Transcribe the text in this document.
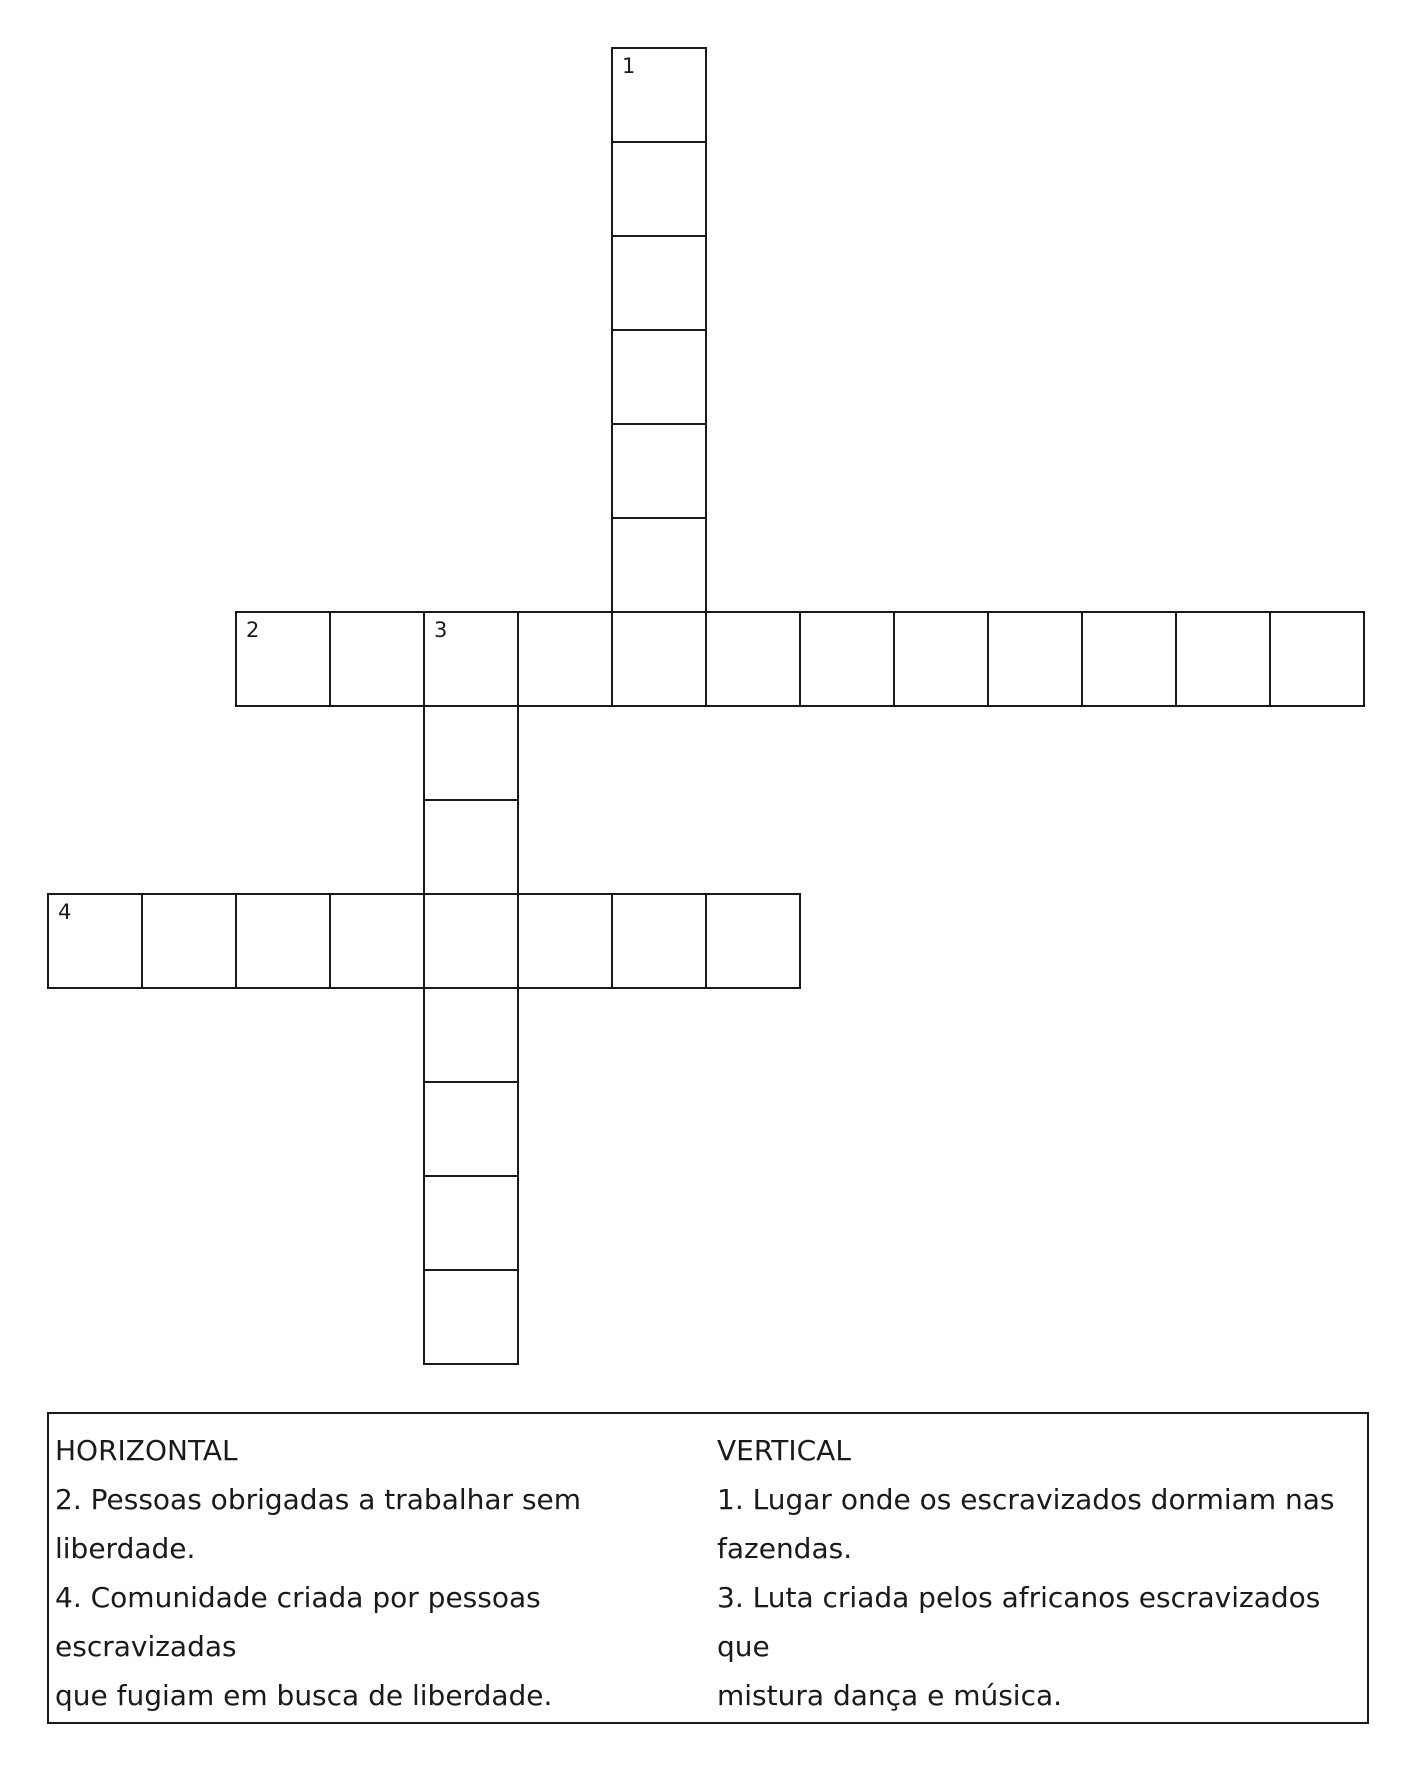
1
2	3
4

HORIZONTAL

2. Pessoas obrigadas a trabalhar sem

liberdade.

4. Comunidade criada por pessoas escravizadas

que fugiam em busca de liberdade.

VERTICAL

1. Lugar onde os escravizados dormiam nas

fazendas.

3. Luta criada pelos africanos escravizados que

mistura dança e música.
